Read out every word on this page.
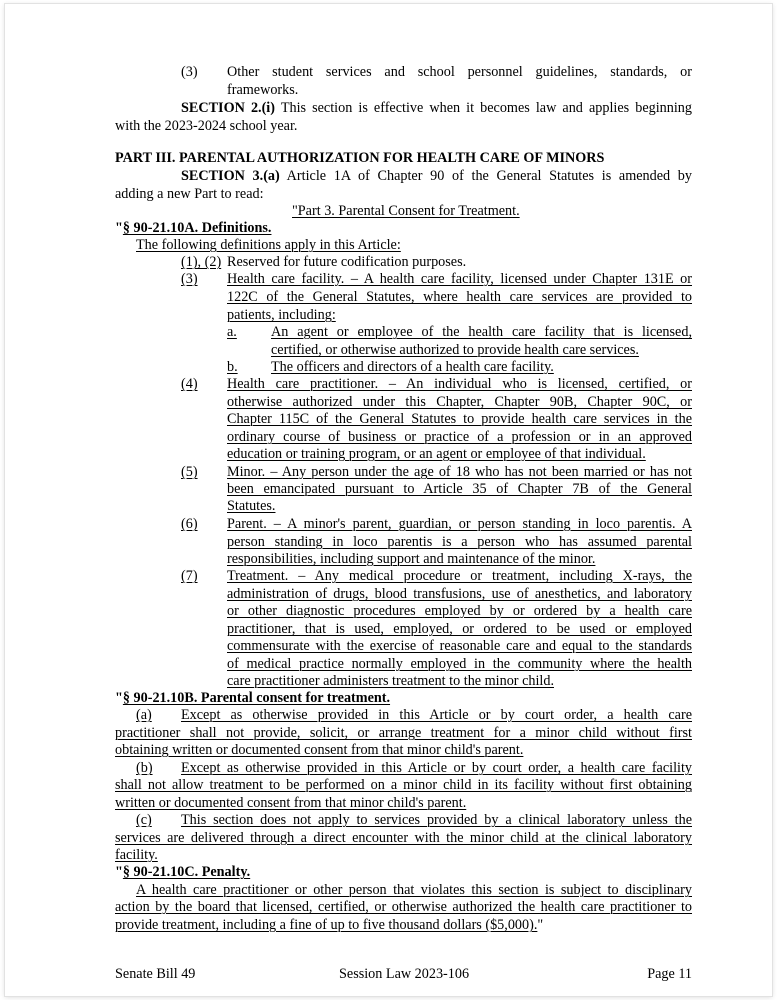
(3) Other student services and school personnel guidelines, standards, or
frameworks.
SECTION 2.(i) This section is effective when it becomes law and applies beginning
with the 2023-2024 school year.
PART III. PARENTAL AUTHORIZATION FOR HEALTH CARE OF MINORS
SECTION 3.(a) Article 1A of Chapter 90 of the General Statutes is amended by
adding a new Part to read:
"Part 3. Parental Consent for Treatment.
"§ 90-21.10A. Definitions.
The following definitions apply in this Article:
(1), (2) Reserved for future codification purposes.
(3) Health care facility. – A health care facility, licensed under Chapter 131E or
122C of the General Statutes, where health care services are provided to
patients, including:
a. An agent or employee of the health care facility that is licensed,
certified, or otherwise authorized to provide health care services.
b. The officers and directors of a health care facility.
(4) Health care practitioner. – An individual who is licensed, certified, or
otherwise authorized under this Chapter, Chapter 90B, Chapter 90C, or
Chapter 115C of the General Statutes to provide health care services in the
ordinary course of business or practice of a profession or in an approved
education or training program, or an agent or employee of that individual.
(5) Minor. – Any person under the age of 18 who has not been married or has not
been emancipated pursuant to Article 35 of Chapter 7B of the General
Statutes.
(6) Parent. – A minor's parent, guardian, or person standing in loco parentis. A
person standing in loco parentis is a person who has assumed parental
responsibilities, including support and maintenance of the minor.
(7) Treatment. – Any medical procedure or treatment, including X-rays, the
administration of drugs, blood transfusions, use of anesthetics, and laboratory
or other diagnostic procedures employed by or ordered by a health care
practitioner, that is used, employed, or ordered to be used or employed
commensurate with the exercise of reasonable care and equal to the standards
of medical practice normally employed in the community where the health
care practitioner administers treatment to the minor child.
"§ 90-21.10B. Parental consent for treatment.
(a) Except as otherwise provided in this Article or by court order, a health care
practitioner shall not provide, solicit, or arrange treatment for a minor child without first
obtaining written or documented consent from that minor child's parent.
(b) Except as otherwise provided in this Article or by court order, a health care facility
shall not allow treatment to be performed on a minor child in its facility without first obtaining
written or documented consent from that minor child's parent.
(c) This section does not apply to services provided by a clinical laboratory unless the
services are delivered through a direct encounter with the minor child at the clinical laboratory
facility.
"§ 90-21.10C. Penalty.
A health care practitioner or other person that violates this section is subject to disciplinary
action by the board that licensed, certified, or otherwise authorized the health care practitioner to
provide treatment, including a fine of up to five thousand dollars ($5,000)."
Senate Bill 49	Session Law 2023-106	Page 11
